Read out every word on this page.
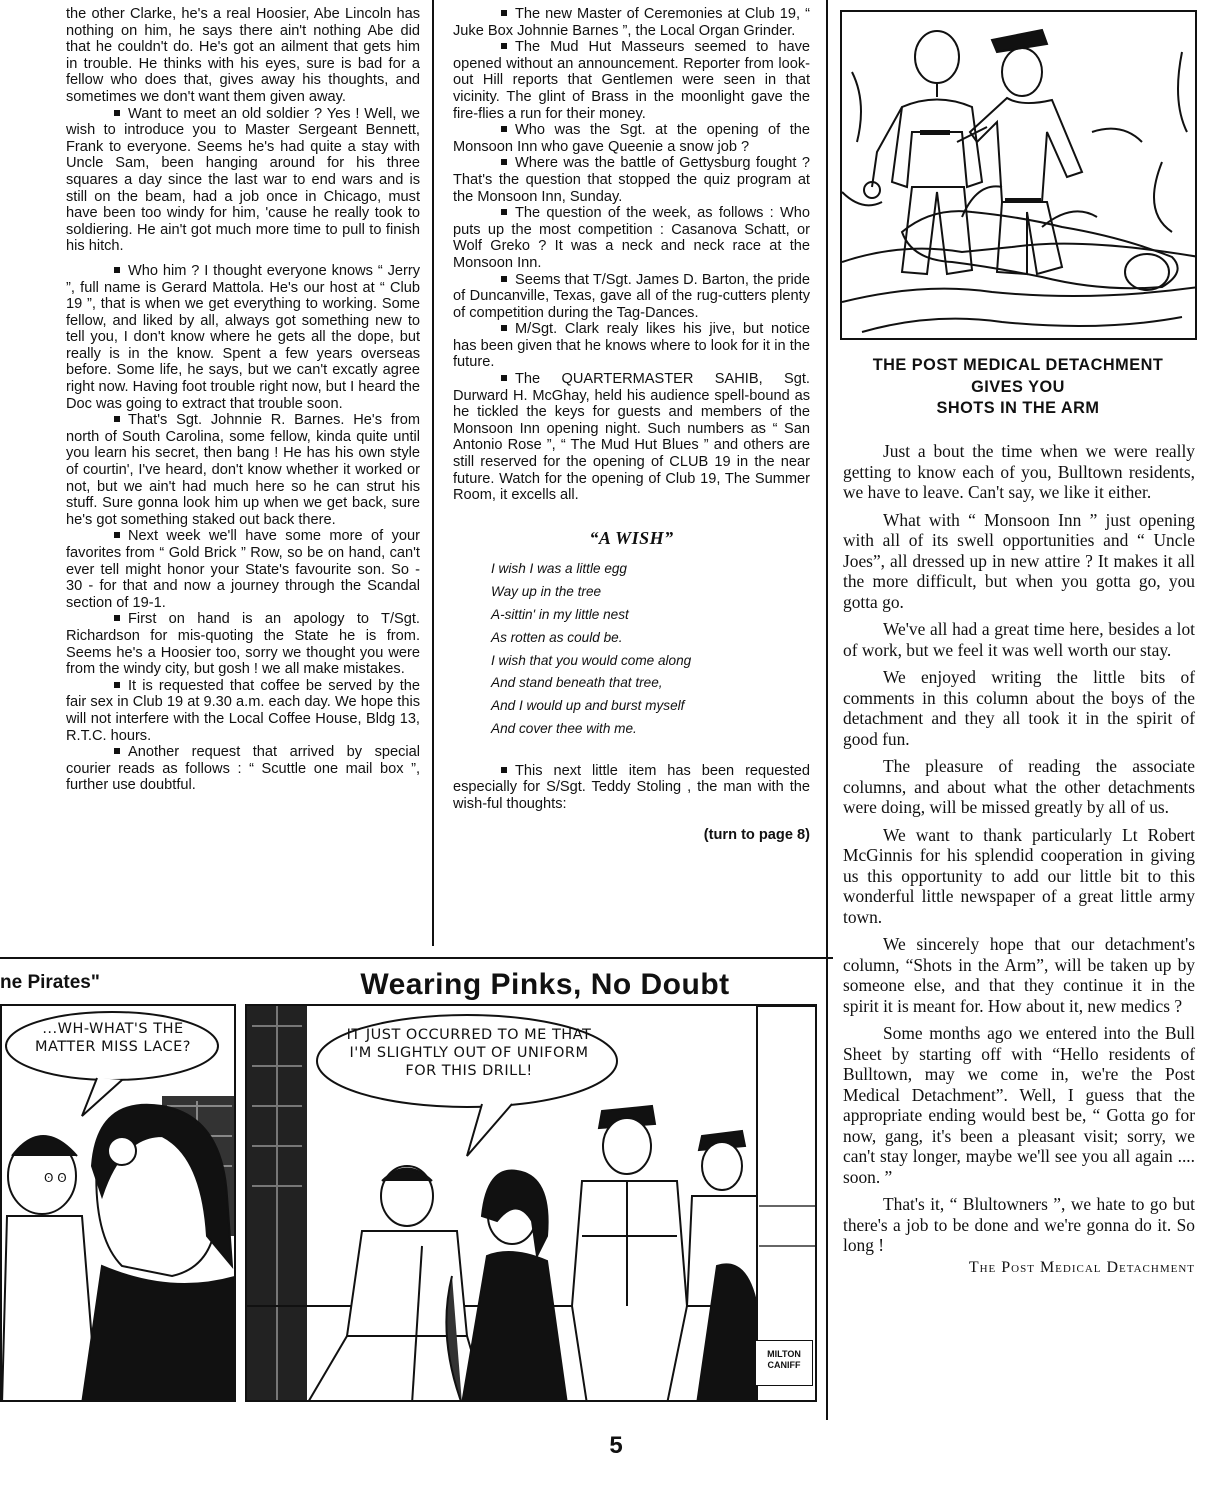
the other Clarke, he's a real Hoosier, Abe Lincoln has nothing on him, he says there ain't nothing Abe did that he couldn't do. He's got an ailment that gets him in trouble. He thinks with his eyes, sure is bad for a fellow who does that, gives away his thoughts, and sometimes we don't want them given away.

Want to meet an old soldier ? Yes ! Well, we wish to introduce you to Master Sergeant Bennett, Frank to everyone. Seems he's had quite a stay with Uncle Sam, been hanging around for his three squares a day since the last war to end wars and is still on the beam, had a job once in Chicago, must have been too windy for him, 'cause he really took to soldiering. He ain't got much more time to pull to finish his hitch.

Who him ? I thought everyone knows “ Jerry ”, full name is Gerard Mattola. He's our host at “ Club 19 ”, that is when we get everything to working. Some fellow, and liked by all, always got something new to tell you, I don't know where he gets all the dope, but really is in the know. Spent a few years overseas before. Some life, he says, but we can't excatly agree right now. Having foot trouble right now, but I heard the Doc was going to extract that trouble soon.

That's Sgt. Johnnie R. Barnes. He's from north of South Carolina, some fellow, kinda quite until you learn his secret, then bang ! He has his own style of courtin', I've heard, don't know whether it worked or not, but we ain't had much here so he can strut his stuff. Sure gonna look him up when we get back, sure he's got something staked out back there.

Next week we'll have some more of your favorites from “ Gold Brick ” Row, so be on hand, can't ever tell might honor your State's favourite son. So - 30 - for that and now a journey through the Scandal section of 19-1.

First on hand is an apology to T/Sgt. Richardson for mis-quoting the State he is from. Seems he's a Hoosier too, sorry we thought you were from the windy city, but gosh ! we all make mistakes.

It is requested that coffee be served by the fair sex in Club 19 at 9.30 a.m. each day. We hope this will not interfere with the Local Coffee House, Bldg 13, R.T.C. hours.

Another request that arrived by special courier reads as follows : “ Scuttle one mail box ”, further use doubtful.

The new Master of Ceremonies at Club 19, “ Juke Box Johnnie Barnes ”, the Local Organ Grinder.

The Mud Hut Masseurs seemed to have opened without an announcement. Reporter from look-out Hill reports that Gentlemen were seen in that vicinity. The glint of Brass in the moonlight gave the fire-flies a run for their money.

Who was the Sgt. at the opening of the Monsoon Inn who gave Queenie a snow job ?

Where was the battle of Gettysburg fought ? That's the question that stopped the quiz program at the Monsoon Inn, Sunday.

The question of the week, as follows : Who puts up the most competition : Casanova Schatt, or Wolf Greko ? It was a neck and neck race at the Monsoon Inn.

Seems that T/Sgt. James D. Barton, the pride of Duncanville, Texas, gave all of the rug-cutters plenty of competition during the Tag-Dances.

M/Sgt. Clark realy likes his jive, but notice has been given that he knows where to look for it in the future.

The QUARTERMASTER SAHIB, Sgt. Durward H. McGhay, held his audience spell-bound as he tickled the keys for guests and members of the Monsoon Inn opening night. Such numbers as “ San Antonio Rose ”, “ The Mud Hut Blues ” and others are still reserved for the opening of CLUB 19 in the near future. Watch for the opening of Club 19, The Summer Room, it excells all.

“A WISH”
I wish I was a little egg
Way up in the tree
A-sittin' in my little nest
As rotten as could be.
I wish that you would come along
And stand beneath that tree,
And I would up and burst myself
And cover thee with me.

This next little item has been requested especially for S/Sgt. Teddy Stoling , the man with the wish-ful thoughts:

(turn to page 8)
THE POST MEDICAL DETACHMENT
GIVES YOU
SHOTS IN THE ARM

Just a bout the time when we were really getting to know each of you, Bulltown residents, we have to leave. Can't say, we like it either.

What with “ Monsoon Inn ” just opening with all of its swell opportunities and “ Uncle Joes”, all dressed up in new attire ? It makes it all the more difficult, but when you gotta go, you gotta go.

We've all had a great time here, besides a lot of work, but we feel it was well worth our stay.

We enjoyed writing the little bits of comments in this column about the boys of the detachment and they all took it in the spirit of good fun.

The pleasure of reading the associate columns, and about what the other detachments were doing, will be missed greatly by all of us.

We want to thank particularly Lt Robert McGinnis for his splendid cooperation in giving us this opportunity to add our little bit to this wonderful little newspaper of a great little army town.

We sincerely hope that our detachment's column, “Shots in the Arm”, will be taken up by someone else, and that they continue it in the spirit it is meant for. How about it, new medics ?

Some months ago we entered into the Bull Sheet by starting off with “Hello residents of Bulltown, may we come in, we're the Post Medical Detachment”. Well, I guess that the appropriate ending would best be, “ Gotta go for now, gang, it's been a pleasant visit; sorry, we can't stay longer, maybe we'll see you all again .... soon. ”

That's it, “ Blultowners ”, we hate to go but there's a job to be done and we're gonna do it. So long !

The Post Medical Detachment
ne Pirates"	Wearing Pinks, No Doubt
ʘ ʘ
...WH-WHAT'S THE MATTER MISS LACE?
IT JUST OCCURRED TO ME THAT I'M SLIGHTLY OUT OF UNIFORM FOR THIS DRILL!
MILTON CANIFF
5
